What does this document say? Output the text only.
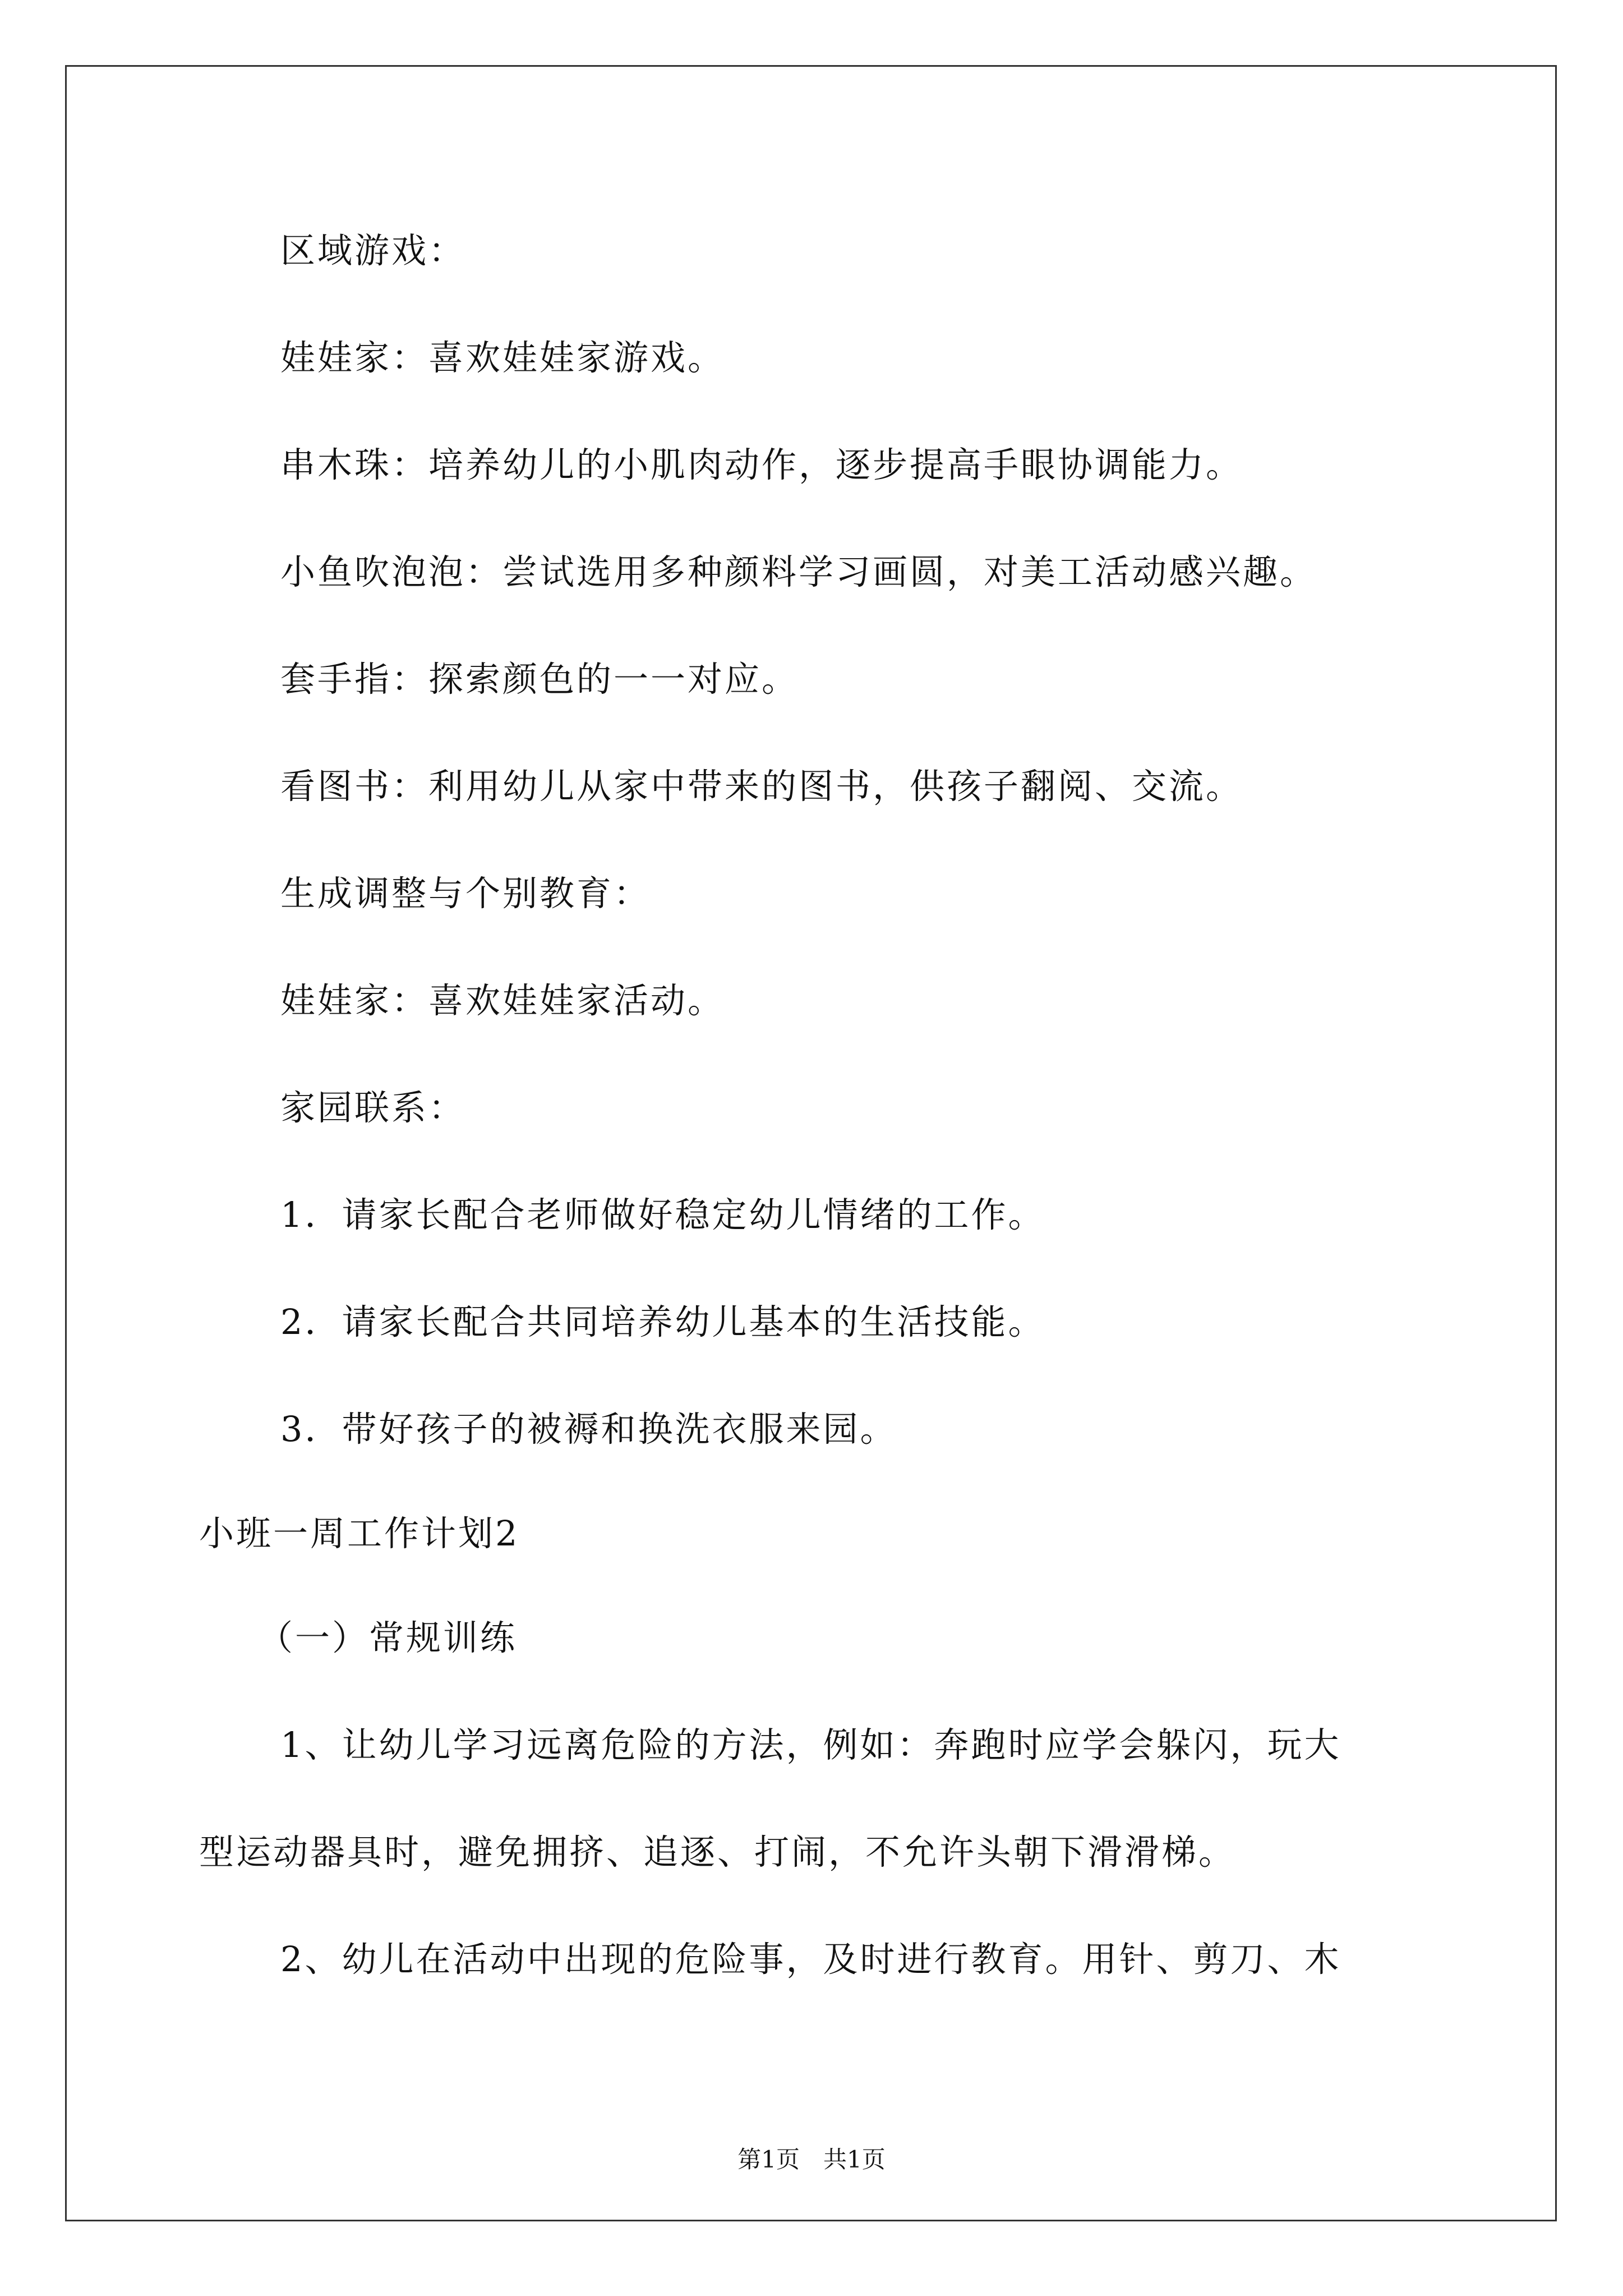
区域游戏：
娃娃家：喜欢娃娃家游戏。
串木珠：培养幼儿的小肌肉动作，逐步提高手眼协调能力。
小鱼吹泡泡：尝试选用多种颜料学习画圆，对美工活动感兴趣。
套手指：探索颜色的一一对应。
看图书：利用幼儿从家中带来的图书，供孩子翻阅、交流。
生成调整与个别教育：
娃娃家：喜欢娃娃家活动。
家园联系：
1．请家长配合老师做好稳定幼儿情绪的工作。
2．请家长配合共同培养幼儿基本的生活技能。
3．带好孩子的被褥和换洗衣服来园。
小班一周工作计划2
（一）常规训练
1、让幼儿学习远离危险的方法，例如：奔跑时应学会躲闪，玩大
型运动器具时，避免拥挤、追逐、打闹，不允许头朝下滑滑梯。
2、幼儿在活动中出现的危险事，及时进行教育。用针、剪刀、木
第1页　共1页
